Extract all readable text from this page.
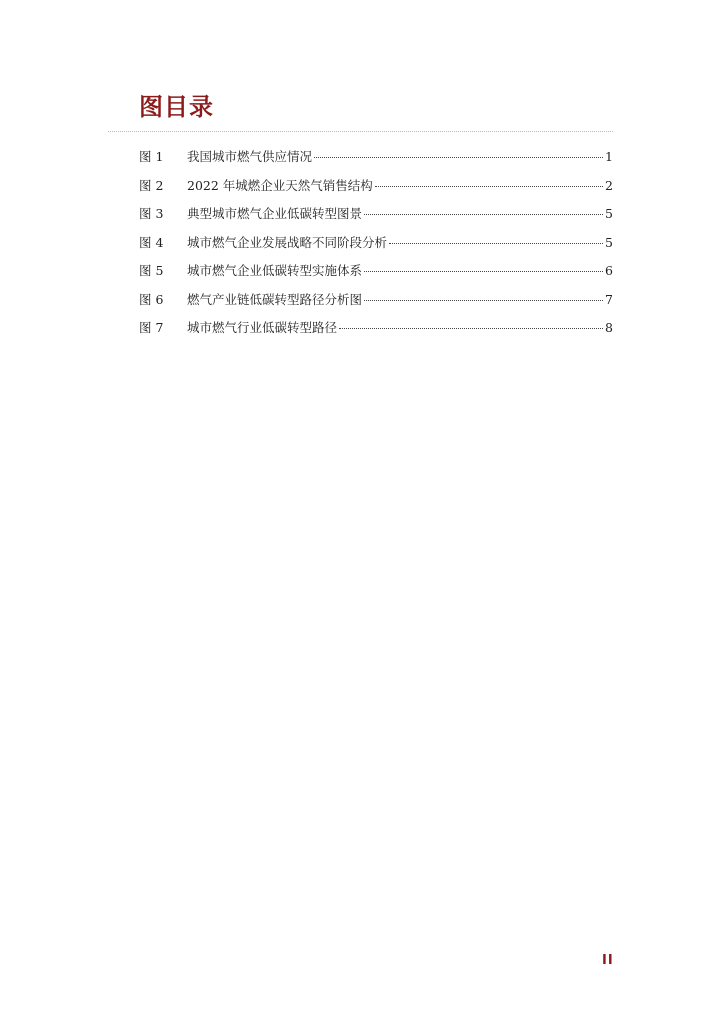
图目录
图 1	我国城市燃气供应情况	1
图 2	2022 年城燃企业天然气销售结构	2
图 3	典型城市燃气企业低碳转型图景	5
图 4	城市燃气企业发展战略不同阶段分析	5
图 5	城市燃气企业低碳转型实施体系	6
图 6	燃气产业链低碳转型路径分析图	7
图 7	城市燃气行业低碳转型路径	8
II
